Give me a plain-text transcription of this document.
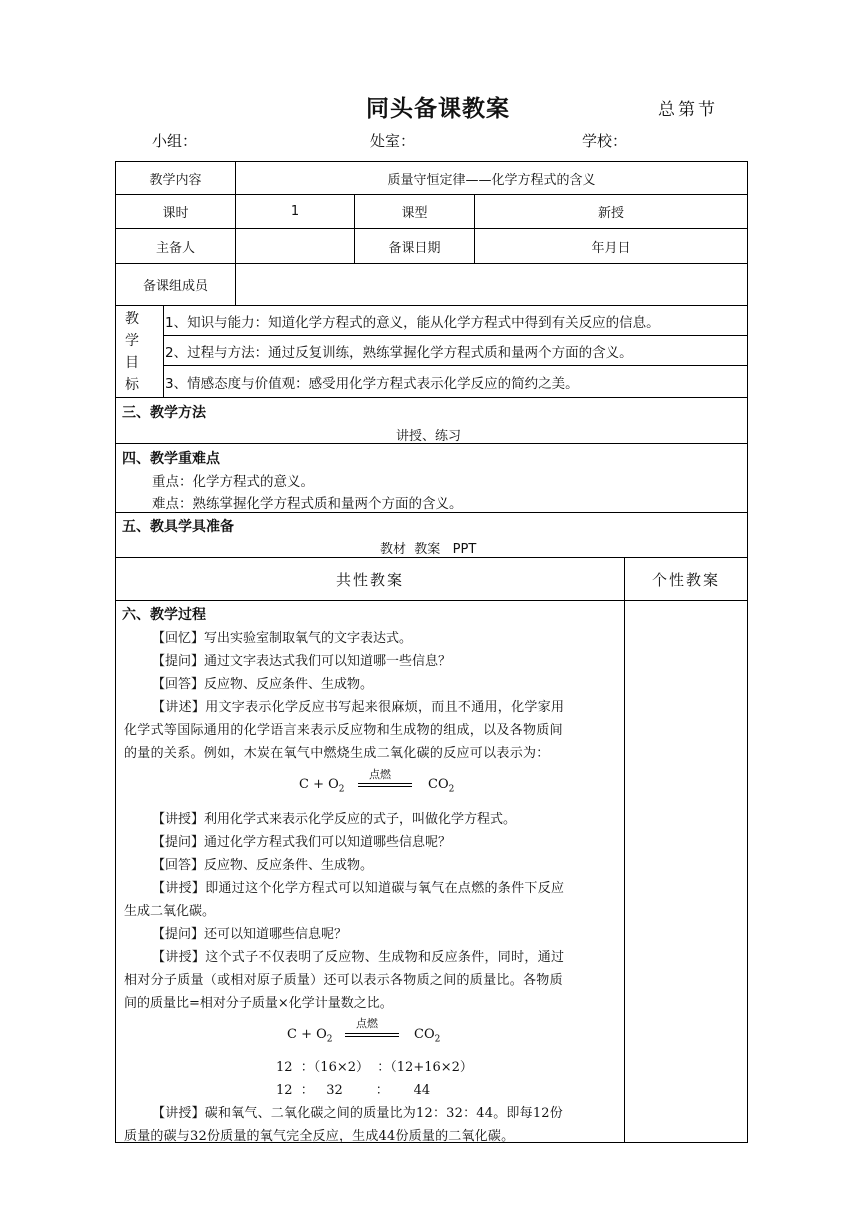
同头备课教案	总第节
小组：	处室：	学校：
教学内容	质量守恒定律——化学方程式的含义
课时	1	课型	新授
主备人	备课日期	年月日
备课组成员
教
学
目
标
1、知识与能力：知道化学方程式的意义，能从化学方程式中得到有关反应的信息。
2、过程与方法：通过反复训练，熟练掌握化学方程式质和量两个方面的含义。
3、情感态度与价值观：感受用化学方程式表示化学反应的简约之美。
三、教学方法
讲授、练习
四、教学重难点
重点：化学方程式的意义。
难点：熟练掌握化学方程式质和量两个方面的含义。
五、教具学具准备
教材  教案   PPT
共性教案	个性教案
六、教学过程
【回忆】写出实验室制取氧气的文字表达式。
【提问】通过文字表达式我们可以知道哪一些信息？
【回答】反应物、反应条件、生成物。
【讲述】用文字表示化学反应书写起来很麻烦，而且不通用，化学家用
化学式等国际通用的化学语言来表示反应物和生成物的组成，以及各物质间
的量的关系。例如，木炭在氧气中燃烧生成二氧化碳的反应可以表示为：
$C + O_2$
点燃
$CO_2$
【讲授】利用化学式来表示化学反应的式子，叫做化学方程式。
【提问】通过化学方程式我们可以知道哪些信息呢？
【回答】反应物、反应条件、生成物。
【讲授】即通过这个化学方程式可以知道碳与氧气在点燃的条件下反应
生成二氧化碳。
【提问】还可以知道哪些信息呢？
【讲授】这个式子不仅表明了反应物、生成物和反应条件，同时，通过
相对分子质量（或相对原子质量）还可以表示各物质之间的质量比。各物质
间的质量比=相对分子质量×化学计量数之比。
$C + O_2$
点燃
$CO_2$
12  ：（16×2）  ：（12+16×2）
12  ：   32        ：      44
【讲授】碳和氧气、二氧化碳之间的质量比为12：32：44。即每12份
质量的碳与32份质量的氧气完全反应，生成44份质量的二氧化碳。
